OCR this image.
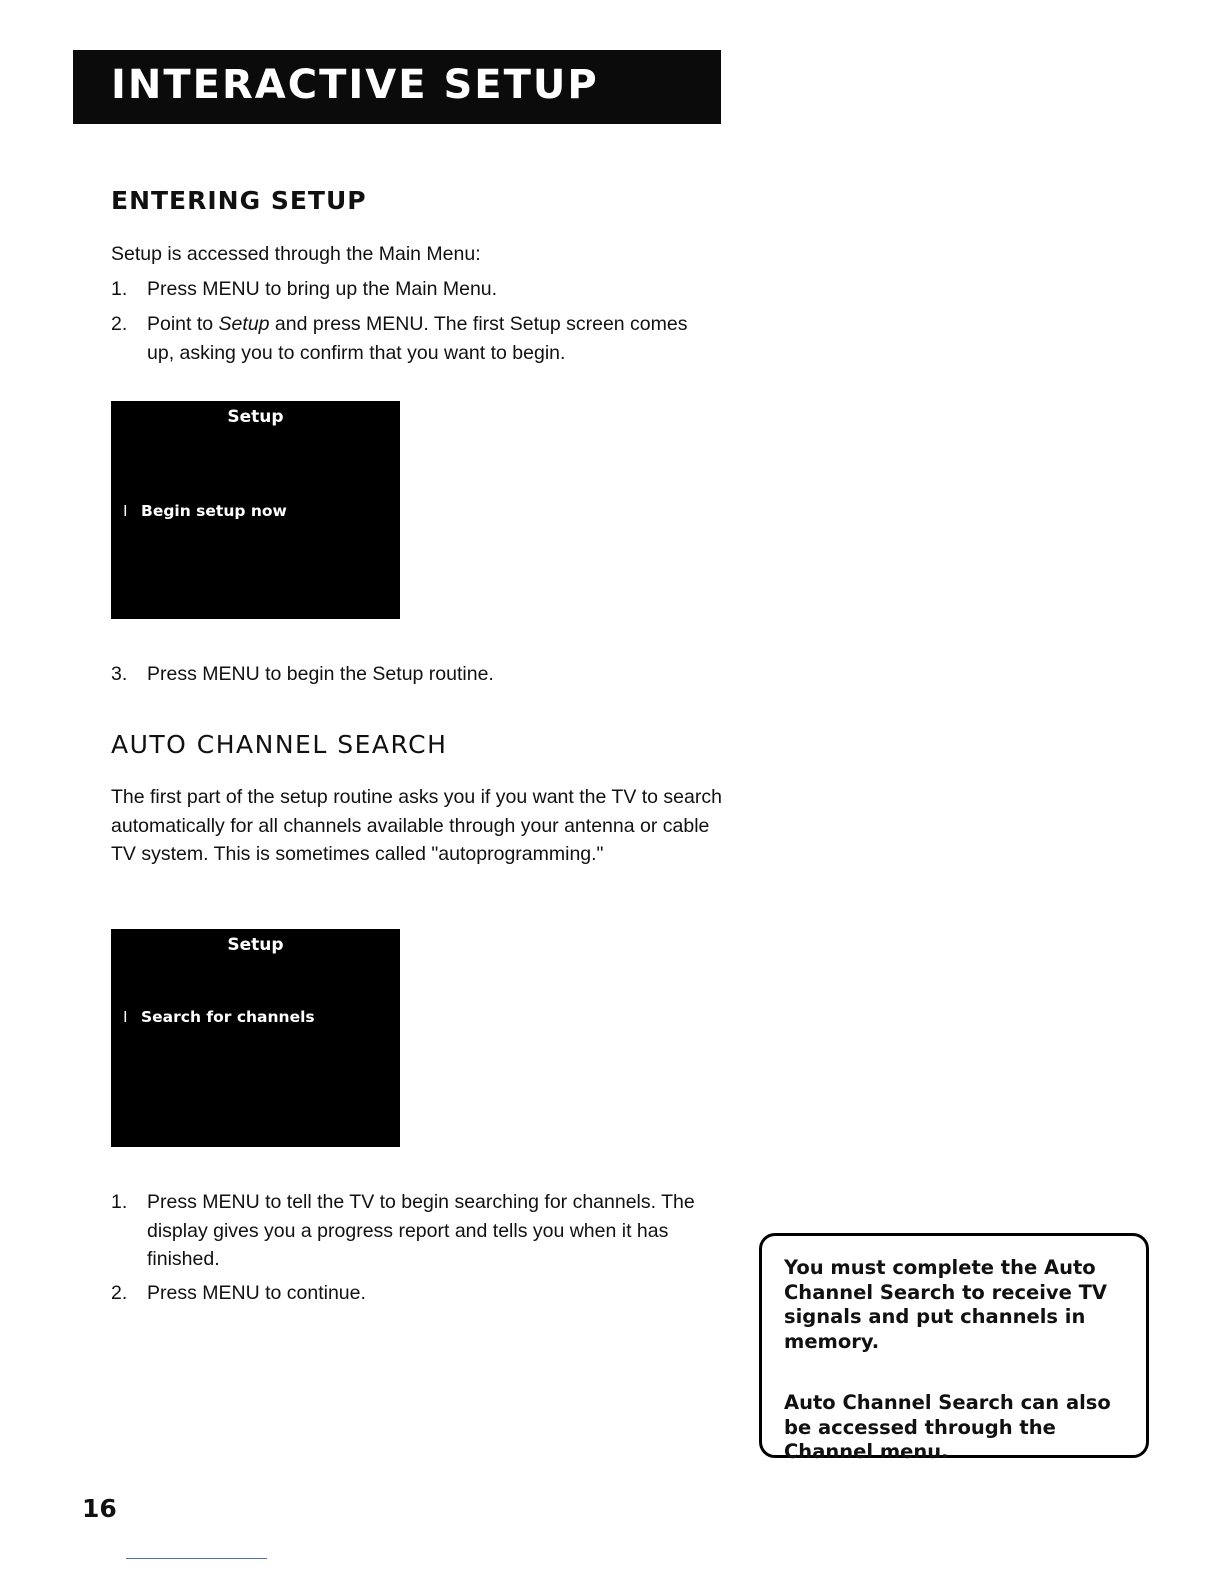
INTERACTIVE SETUP
ENTERING SETUP
Setup is accessed through the Main Menu:
1.	Press MENU to bring up the Main Menu.
2.	Point to Setup and press MENU. The first Setup screen comes up, asking you to confirm that you want to begin.
Setup
I Begin setup now
3.	Press MENU to begin the Setup routine.
AUTO CHANNEL SEARCH
The first part of the setup routine asks you if you want the TV to search automatically for all channels available through your antenna or cable TV system. This is sometimes called "autoprogramming."
Setup
I Search for channels
1.	Press MENU to tell the TV to begin searching for channels. The display gives you a progress report and tells you when it has finished.
2.	Press MENU to continue.
You must complete the Auto Channel Search to receive TV signals and put channels in memory.
Auto Channel Search can also be accessed through the Channel menu.
16
